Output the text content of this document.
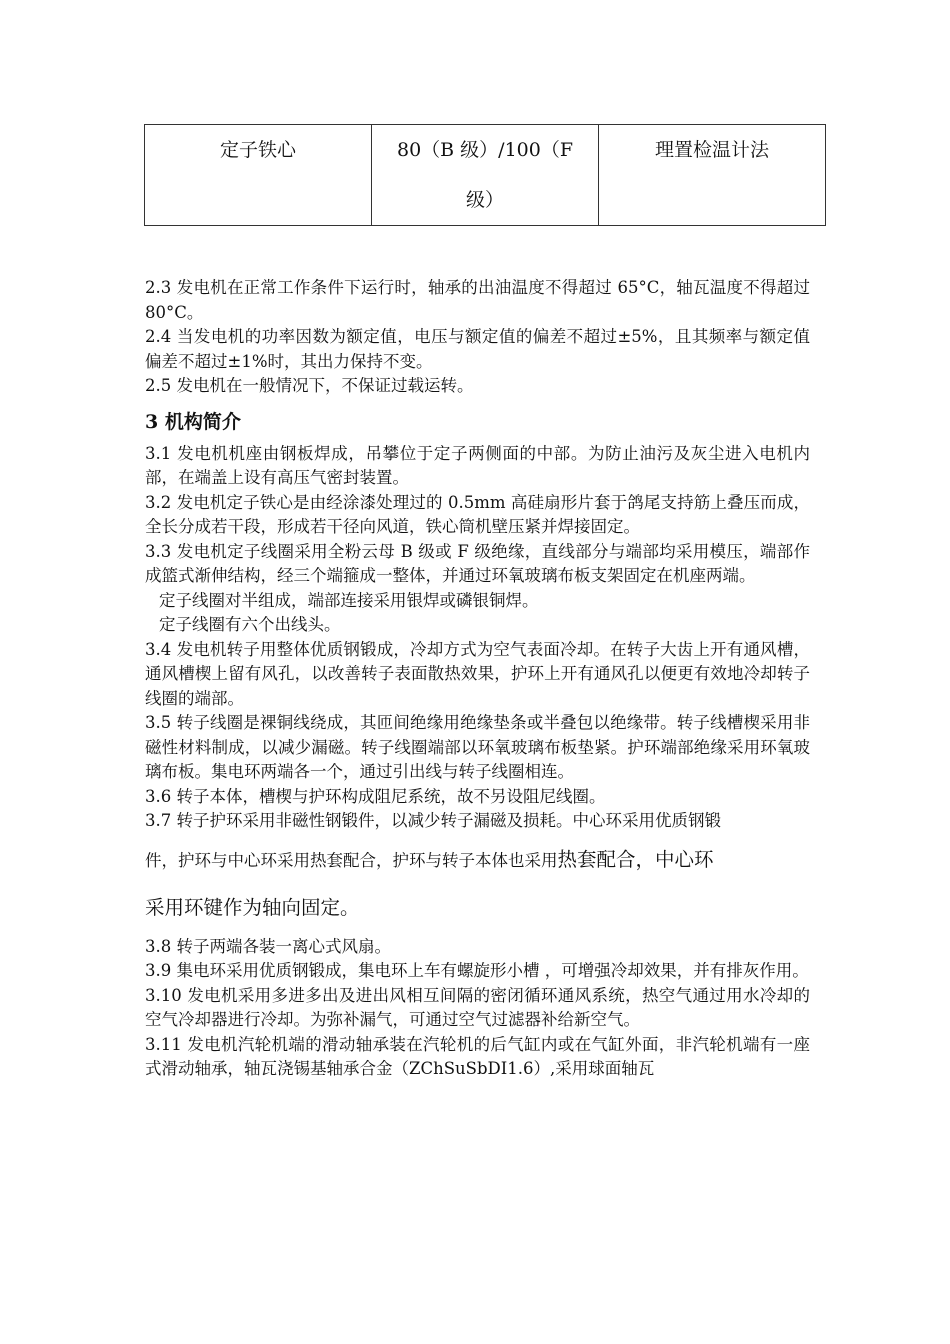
定子铁心	80（B 级）/100（F 级）	理置检温计法

2.3 发电机在正常工作条件下运行时，轴承的出油温度不得超过 65°C，轴瓦温度不得超过 80°C。

2.4 当发电机的功率因数为额定值，电压与额定值的偏差不超过±5%，且其频率与额定值偏差不超过±1%时，其出力保持不变。

2.5 发电机在一般情况下，不保证过载运转。

3 机构简介

3.1 发电机机座由钢板焊成，吊攀位于定子两侧面的中部。为防止油污及灰尘进入电机内部，在端盖上设有高压气密封装置。

3.2 发电机定子铁心是由经涂漆处理过的 0.5mm 高硅扇形片套于鸽尾支持筋上叠压而成，全长分成若干段，形成若干径向风道，铁心筒机壁压紧并焊接固定。

3.3 发电机定子线圈采用全粉云母 B 级或 F 级绝缘，直线部分与端部均采用模压，端部作成篮式渐伸结构，经三个端箍成一整体，并通过环氧玻璃布板支架固定在机座两端。

定子线圈对半组成，端部连接采用银焊或磷银铜焊。

定子线圈有六个出线头。

3.4 发电机转子用整体优质钢锻成，冷却方式为空气表面冷却。在转子大齿上开有通风槽，通风槽楔上留有风孔，以改善转子表面散热效果，护环上开有通风孔以便更有效地冷却转子线圈的端部。

3.5 转子线圈是裸铜线绕成，其匝间绝缘用绝缘垫条或半叠包以绝缘带。转子线槽楔采用非磁性材料制成，以减少漏磁。转子线圈端部以环氧玻璃布板垫紧。护环端部绝缘采用环氧玻璃布板。集电环两端各一个，通过引出线与转子线圈相连。

3.6 转子本体，槽楔与护环构成阻尼系统，故不另设阻尼线圈。

3.7 转子护环采用非磁性钢锻件，以减少转子漏磁及损耗。中心环采用优质钢锻

件，护环与中心环采用热套配合，护环与转子本体也采用热套配合，中心环

采用环键作为轴向固定。

3.8 转子两端各装一离心式风扇。

3.9 集电环采用优质钢锻成，集电环上车有螺旋形小槽 ，可增强冷却效果，并有排灰作用。

3.10 发电机采用多进多出及进出风相互间隔的密闭循环通风系统，热空气通过用水冷却的空气冷却器进行冷却。为弥补漏气，可通过空气过滤器补给新空气。

3.11 发电机汽轮机端的滑动轴承装在汽轮机的后气缸内或在气缸外面，非汽轮机端有一座式滑动轴承，轴瓦浇锡基轴承合金（ZChSuSbDI1.6）,采用球面轴瓦
